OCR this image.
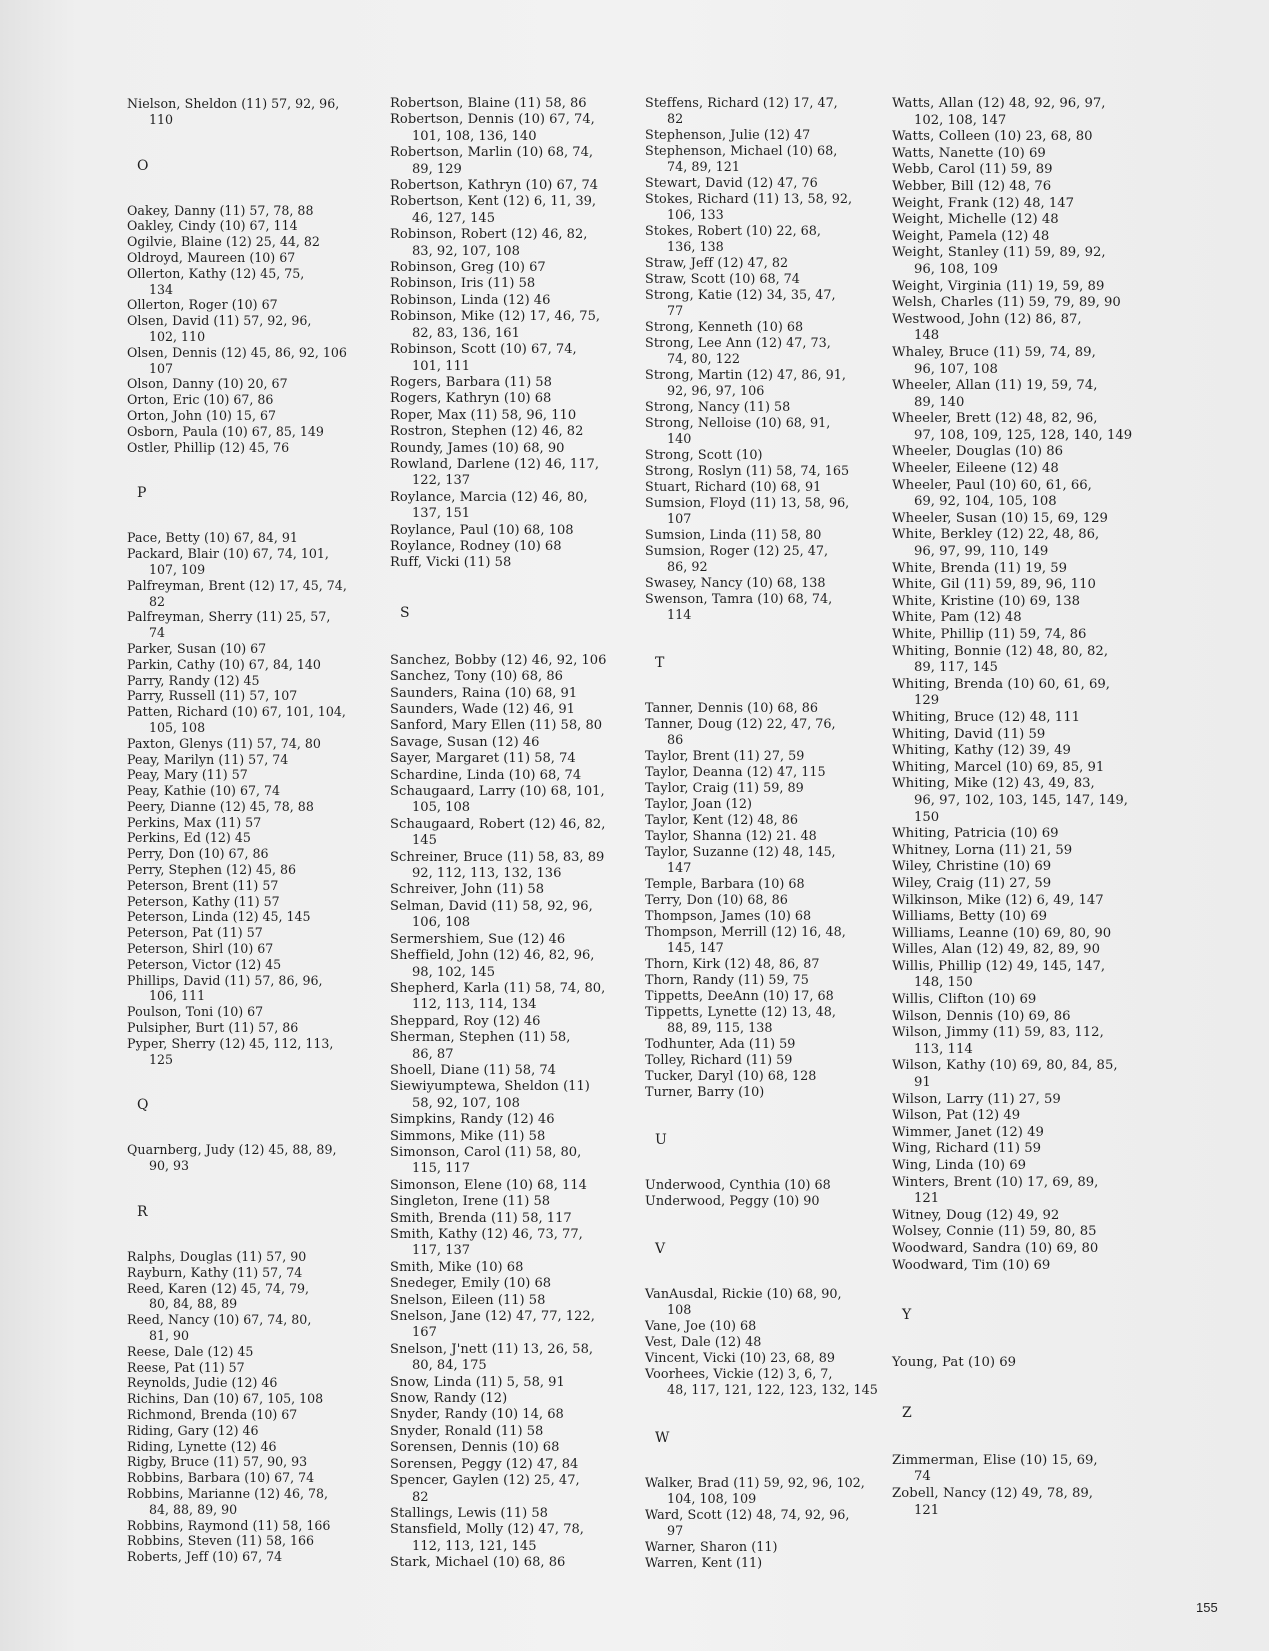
Nielson, Sheldon (11) 57, 92, 96,
110
O
Oakey, Danny (11) 57, 78, 88
Oakley, Cindy (10) 67, 114
Ogilvie, Blaine (12) 25, 44, 82
Oldroyd, Maureen (10) 67
Ollerton, Kathy (12) 45, 75,
134
Ollerton, Roger (10) 67
Olsen, David (11) 57, 92, 96,
102, 110
Olsen, Dennis (12) 45, 86, 92, 106
107
Olson, Danny (10) 20, 67
Orton, Eric (10) 67, 86
Orton, John (10) 15, 67
Osborn, Paula (10) 67, 85, 149
Ostler, Phillip (12) 45, 76
P
Pace, Betty (10) 67, 84, 91
Packard, Blair (10) 67, 74, 101,
107, 109
Palfreyman, Brent (12) 17, 45, 74,
82
Palfreyman, Sherry (11) 25, 57,
74
Parker, Susan (10) 67
Parkin, Cathy (10) 67, 84, 140
Parry, Randy (12) 45
Parry, Russell (11) 57, 107
Patten, Richard (10) 67, 101, 104,
105, 108
Paxton, Glenys (11) 57, 74, 80
Peay, Marilyn (11) 57, 74
Peay, Mary (11) 57
Peay, Kathie (10) 67, 74
Peery, Dianne (12) 45, 78, 88
Perkins, Max (11) 57
Perkins, Ed (12) 45
Perry, Don (10) 67, 86
Perry, Stephen (12) 45, 86
Peterson, Brent (11) 57
Peterson, Kathy (11) 57
Peterson, Linda (12) 45, 145
Peterson, Pat (11) 57
Peterson, Shirl (10) 67
Peterson, Victor (12) 45
Phillips, David (11) 57, 86, 96,
106, 111
Poulson, Toni (10) 67
Pulsipher, Burt (11) 57, 86
Pyper, Sherry (12) 45, 112, 113,
125
Q
Quarnberg, Judy (12) 45, 88, 89,
90, 93
R
Ralphs, Douglas (11) 57, 90
Rayburn, Kathy (11) 57, 74
Reed, Karen (12) 45, 74, 79,
80, 84, 88, 89
Reed, Nancy (10) 67, 74, 80,
81, 90
Reese, Dale (12) 45
Reese, Pat (11) 57
Reynolds, Judie (12) 46
Richins, Dan (10) 67, 105, 108
Richmond, Brenda (10) 67
Riding, Gary (12) 46
Riding, Lynette (12) 46
Rigby, Bruce (11) 57, 90, 93
Robbins, Barbara (10) 67, 74
Robbins, Marianne (12) 46, 78,
84, 88, 89, 90
Robbins, Raymond (11) 58, 166
Robbins, Steven (11) 58, 166
Roberts, Jeff (10) 67, 74
Robertson, Blaine (11) 58, 86
Robertson, Dennis (10) 67, 74,
101, 108, 136, 140
Robertson, Marlin (10) 68, 74,
89, 129
Robertson, Kathryn (10) 67, 74
Robertson, Kent (12) 6, 11, 39,
46, 127, 145
Robinson, Robert (12) 46, 82,
83, 92, 107, 108
Robinson, Greg (10) 67
Robinson, Iris (11) 58
Robinson, Linda (12) 46
Robinson, Mike (12) 17, 46, 75,
82, 83, 136, 161
Robinson, Scott (10) 67, 74,
101, 111
Rogers, Barbara (11) 58
Rogers, Kathryn (10) 68
Roper, Max (11) 58, 96, 110
Rostron, Stephen (12) 46, 82
Roundy, James (10) 68, 90
Rowland, Darlene (12) 46, 117,
122, 137
Roylance, Marcia (12) 46, 80,
137, 151
Roylance, Paul (10) 68, 108
Roylance, Rodney (10) 68
Ruff, Vicki (11) 58
S
Sanchez, Bobby (12) 46, 92, 106
Sanchez, Tony (10) 68, 86
Saunders, Raina (10) 68, 91
Saunders, Wade (12) 46, 91
Sanford, Mary Ellen (11) 58, 80
Savage, Susan (12) 46
Sayer, Margaret (11) 58, 74
Schardine, Linda (10) 68, 74
Schaugaard, Larry (10) 68, 101,
105, 108
Schaugaard, Robert (12) 46, 82,
145
Schreiner, Bruce (11) 58, 83, 89
92, 112, 113, 132, 136
Schreiver, John (11) 58
Selman, David (11) 58, 92, 96,
106, 108
Sermershiem, Sue (12) 46
Sheffield, John (12) 46, 82, 96,
98, 102, 145
Shepherd, Karla (11) 58, 74, 80,
112, 113, 114, 134
Sheppard, Roy (12) 46
Sherman, Stephen (11) 58,
86, 87
Shoell, Diane (11) 58, 74
Siewiyumptewa, Sheldon (11)
58, 92, 107, 108
Simpkins, Randy (12) 46
Simmons, Mike (11) 58
Simonson, Carol (11) 58, 80,
115, 117
Simonson, Elene (10) 68, 114
Singleton, Irene (11) 58
Smith, Brenda (11) 58, 117
Smith, Kathy (12) 46, 73, 77,
117, 137
Smith, Mike (10) 68
Snedeger, Emily (10) 68
Snelson, Eileen (11) 58
Snelson, Jane (12) 47, 77, 122,
167
Snelson, J'nett (11) 13, 26, 58,
80, 84, 175
Snow, Linda (11) 5, 58, 91
Snow, Randy (12)
Snyder, Randy (10) 14, 68
Snyder, Ronald (11) 58
Sorensen, Dennis (10) 68
Sorensen, Peggy (12) 47, 84
Spencer, Gaylen (12) 25, 47,
82
Stallings, Lewis (11) 58
Stansfield, Molly (12) 47, 78,
112, 113, 121, 145
Stark, Michael (10) 68, 86
Steffens, Richard (12) 17, 47,
82
Stephenson, Julie (12) 47
Stephenson, Michael (10) 68,
74, 89, 121
Stewart, David (12) 47, 76
Stokes, Richard (11) 13, 58, 92,
106, 133
Stokes, Robert (10) 22, 68,
136, 138
Straw, Jeff (12) 47, 82
Straw, Scott (10) 68, 74
Strong, Katie (12) 34, 35, 47,
77
Strong, Kenneth (10) 68
Strong, Lee Ann (12) 47, 73,
74, 80, 122
Strong, Martin (12) 47, 86, 91,
92, 96, 97, 106
Strong, Nancy (11) 58
Strong, Nelloise (10) 68, 91,
140
Strong, Scott (10)
Strong, Roslyn (11) 58, 74, 165
Stuart, Richard (10) 68, 91
Sumsion, Floyd (11) 13, 58, 96,
107
Sumsion, Linda (11) 58, 80
Sumsion, Roger (12) 25, 47,
86, 92
Swasey, Nancy (10) 68, 138
Swenson, Tamra (10) 68, 74,
114
T
Tanner, Dennis (10) 68, 86
Tanner, Doug (12) 22, 47, 76,
86
Taylor, Brent (11) 27, 59
Taylor, Deanna (12) 47, 115
Taylor, Craig (11) 59, 89
Taylor, Joan (12)
Taylor, Kent (12) 48, 86
Taylor, Shanna (12) 21. 48
Taylor, Suzanne (12) 48, 145,
147
Temple, Barbara (10) 68
Terry, Don (10) 68, 86
Thompson, James (10) 68
Thompson, Merrill (12) 16, 48,
145, 147
Thorn, Kirk (12) 48, 86, 87
Thorn, Randy (11) 59, 75
Tippetts, DeeAnn (10) 17, 68
Tippetts, Lynette (12) 13, 48,
88, 89, 115, 138
Todhunter, Ada (11) 59
Tolley, Richard (11) 59
Tucker, Daryl (10) 68, 128
Turner, Barry (10)
U
Underwood, Cynthia (10) 68
Underwood, Peggy (10) 90
V
VanAusdal, Rickie (10) 68, 90,
108
Vane, Joe (10) 68
Vest, Dale (12) 48
Vincent, Vicki (10) 23, 68, 89
Voorhees, Vickie (12) 3, 6, 7,
48, 117, 121, 122, 123, 132, 145
W
Walker, Brad (11) 59, 92, 96, 102,
104, 108, 109
Ward, Scott (12) 48, 74, 92, 96,
97
Warner, Sharon (11)
Warren, Kent (11)
Watts, Allan (12) 48, 92, 96, 97,
102, 108, 147
Watts, Colleen (10) 23, 68, 80
Watts, Nanette (10) 69
Webb, Carol (11) 59, 89
Webber, Bill (12) 48, 76
Weight, Frank (12) 48, 147
Weight, Michelle (12) 48
Weight, Pamela (12) 48
Weight, Stanley (11) 59, 89, 92,
96, 108, 109
Weight, Virginia (11) 19, 59, 89
Welsh, Charles (11) 59, 79, 89, 90
Westwood, John (12) 86, 87,
148
Whaley, Bruce (11) 59, 74, 89,
96, 107, 108
Wheeler, Allan (11) 19, 59, 74,
89, 140
Wheeler, Brett (12) 48, 82, 96,
97, 108, 109, 125, 128, 140, 149
Wheeler, Douglas (10) 86
Wheeler, Eileene (12) 48
Wheeler, Paul (10) 60, 61, 66,
69, 92, 104, 105, 108
Wheeler, Susan (10) 15, 69, 129
White, Berkley (12) 22, 48, 86,
96, 97, 99, 110, 149
White, Brenda (11) 19, 59
White, Gil (11) 59, 89, 96, 110
White, Kristine (10) 69, 138
White, Pam (12) 48
White, Phillip (11) 59, 74, 86
Whiting, Bonnie (12) 48, 80, 82,
89, 117, 145
Whiting, Brenda (10) 60, 61, 69,
129
Whiting, Bruce (12) 48, 111
Whiting, David (11) 59
Whiting, Kathy (12) 39, 49
Whiting, Marcel (10) 69, 85, 91
Whiting, Mike (12) 43, 49, 83,
96, 97, 102, 103, 145, 147, 149,
150
Whiting, Patricia (10) 69
Whitney, Lorna (11) 21, 59
Wiley, Christine (10) 69
Wiley, Craig (11) 27, 59
Wilkinson, Mike (12) 6, 49, 147
Williams, Betty (10) 69
Williams, Leanne (10) 69, 80, 90
Willes, Alan (12) 49, 82, 89, 90
Willis, Phillip (12) 49, 145, 147,
148, 150
Willis, Clifton (10) 69
Wilson, Dennis (10) 69, 86
Wilson, Jimmy (11) 59, 83, 112,
113, 114
Wilson, Kathy (10) 69, 80, 84, 85,
91
Wilson, Larry (11) 27, 59
Wilson, Pat (12) 49
Wimmer, Janet (12) 49
Wing, Richard (11) 59
Wing, Linda (10) 69
Winters, Brent (10) 17, 69, 89,
121
Witney, Doug (12) 49, 92
Wolsey, Connie (11) 59, 80, 85
Woodward, Sandra (10) 69, 80
Woodward, Tim (10) 69
Y
Young, Pat (10) 69
Z
Zimmerman, Elise (10) 15, 69,
74
Zobell, Nancy (12) 49, 78, 89,
121
155
